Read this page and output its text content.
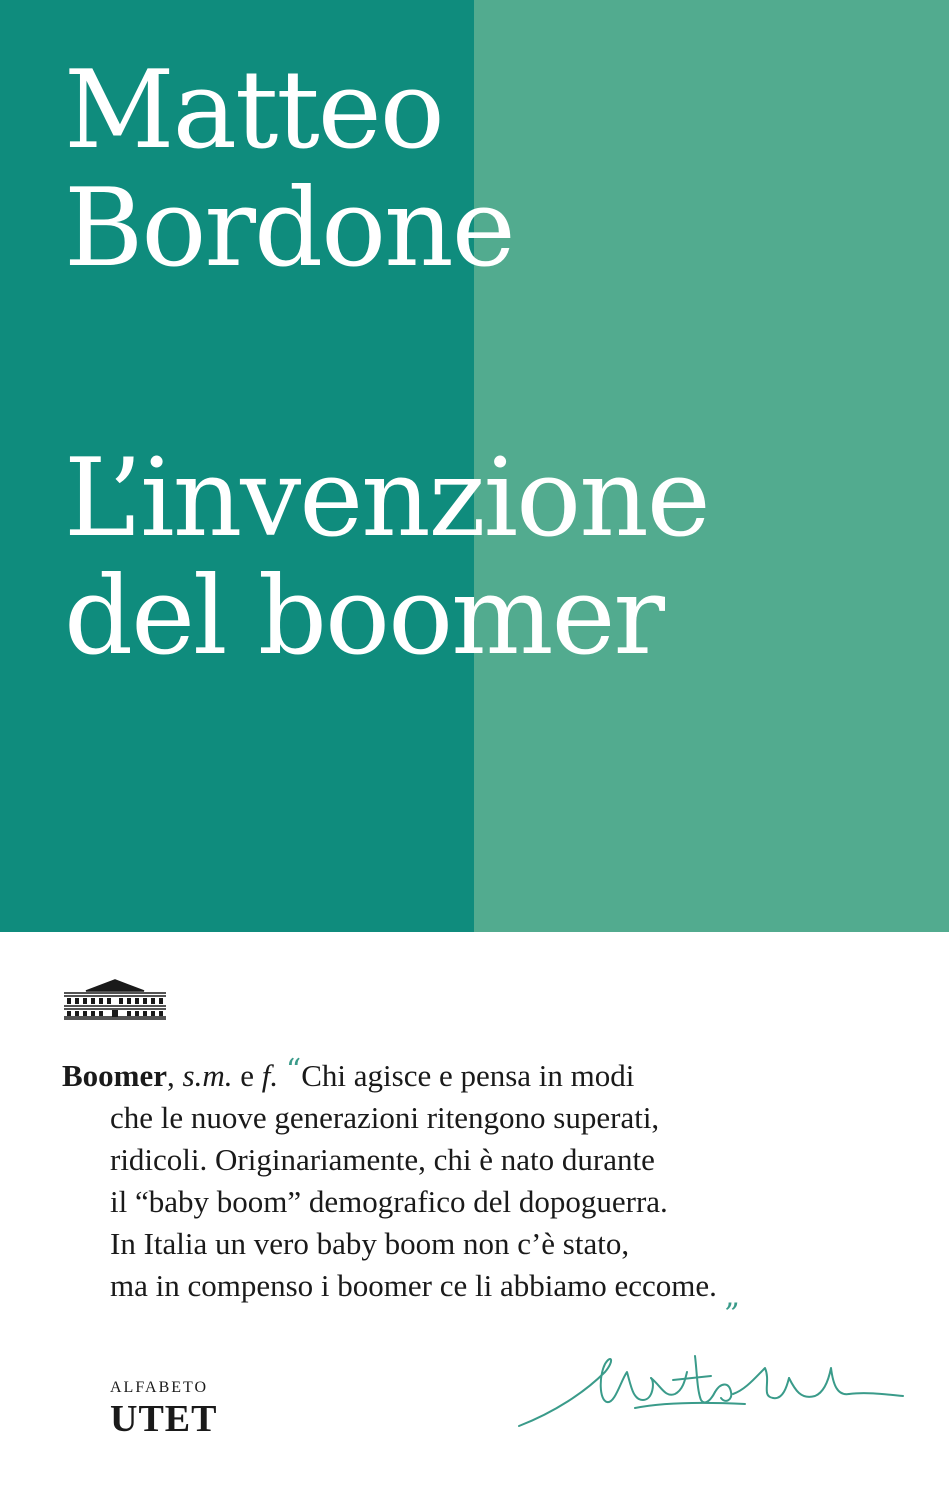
Matteo
Bordone
L’invenzione
del boomer
Boomer, s.m. e f. “Chi agisce e pensa in modi
che le nuove generazioni ritengono superati,
ridicoli. Originariamente, chi è nato durante
il “baby boom” demografico del dopoguerra.
In Italia un vero baby boom non c’è stato,
ma in compenso i boomer ce li abbiamo eccome. „
ALFABETO
UTET
